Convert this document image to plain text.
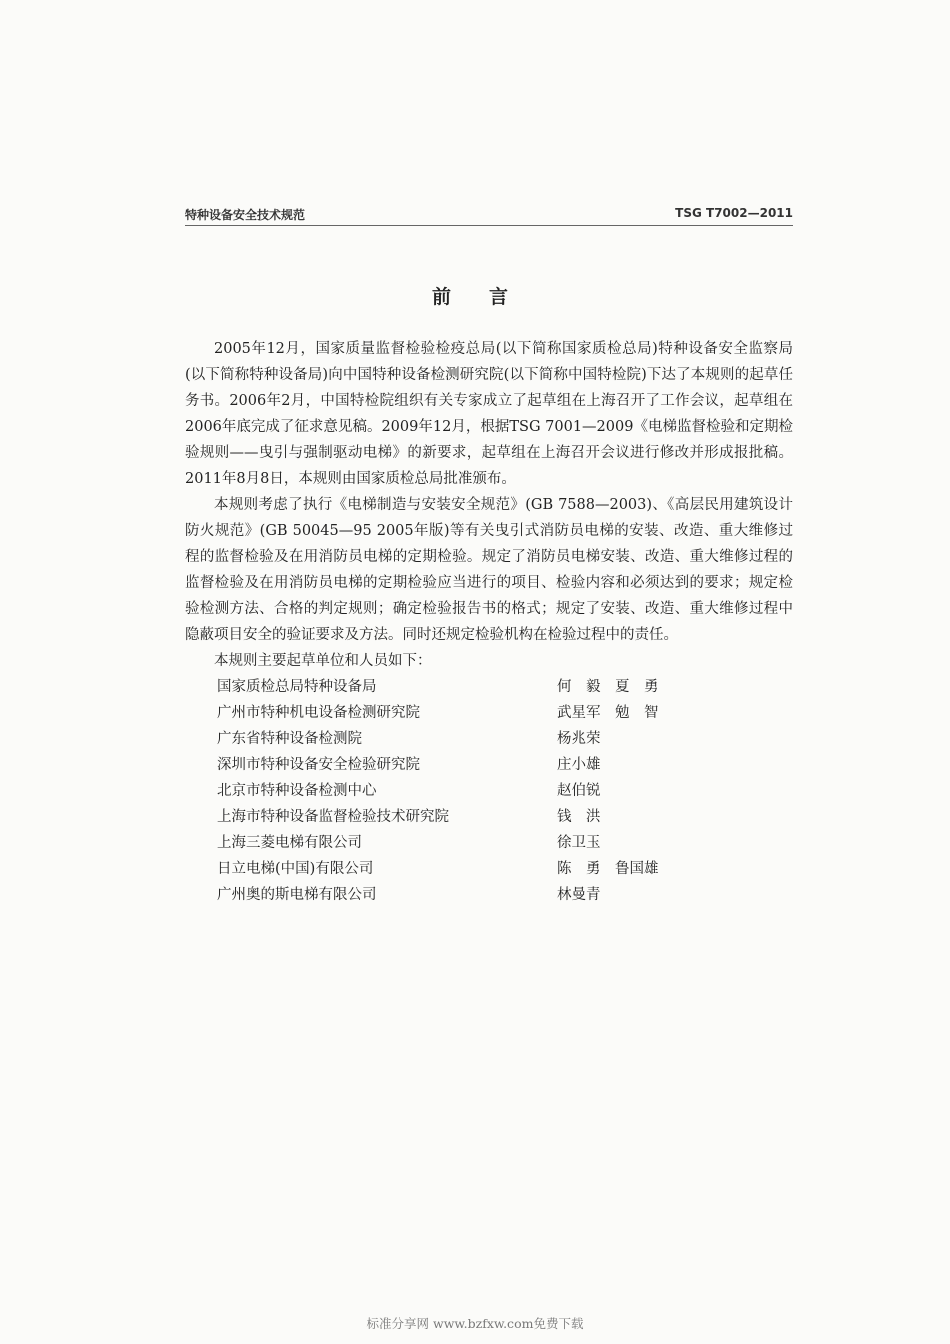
特种设备安全技术规范	TSG T7002—2011
前言

2005年12月，国家质量监督检验检疫总局(以下简称国家质检总局)特种设备安全监察局(以下简称特种设备局)向中国特种设备检测研究院(以下简称中国特检院)下达了本规则的起草任务书。2006年2月，中国特检院组织有关专家成立了起草组在上海召开了工作会议，起草组在2006年底完成了征求意见稿。2009年12月，根据TSG 7001—2009《电梯监督检验和定期检验规则——曳引与强制驱动电梯》的新要求，起草组在上海召开会议进行修改并形成报批稿。2011年8月8日，本规则由国家质检总局批准颁布。

本规则考虑了执行《电梯制造与安装安全规范》(GB 7588—2003)、《高层民用建筑设计防火规范》(GB 50045—95 2005年版)等有关曳引式消防员电梯的安装、改造、重大维修过程的监督检验及在用消防员电梯的定期检验。规定了消防员电梯安装、改造、重大维修过程的监督检验及在用消防员电梯的定期检验应当进行的项目、检验内容和必须达到的要求；规定检验检测方法、合格的判定规则；确定检验报告书的格式；规定了安装、改造、重大维修过程中隐蔽项目安全的验证要求及方法。同时还规定检验机构在检验过程中的责任。

本规则主要起草单位和人员如下：

国家质检总局特种设备局	何　毅　夏　勇
广州市特种机电设备检测研究院	武星军　勉　智
广东省特种设备检测院	杨兆荣
深圳市特种设备安全检验研究院	庄小雄
北京市特种设备检测中心	赵伯锐
上海市特种设备监督检验技术研究院	钱　洪
上海三菱电梯有限公司	徐卫玉
日立电梯(中国)有限公司	陈　勇　鲁国雄
广州奥的斯电梯有限公司	林曼青
标准分享网 www.bzfxw.com免费下载
